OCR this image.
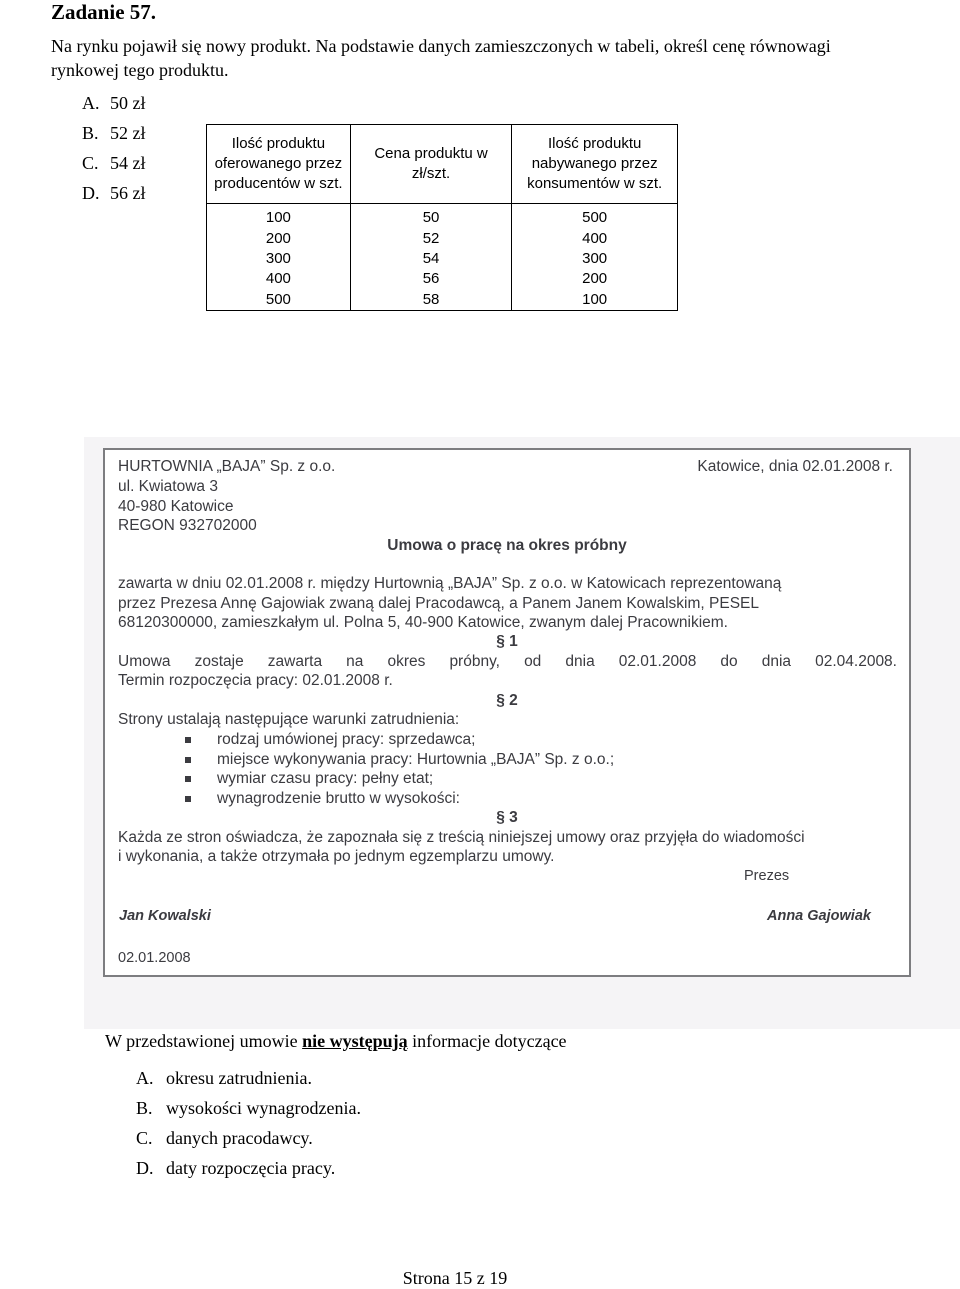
Zadanie 57.
Na rynku pojawił się nowy produkt. Na podstawie danych zamieszczonych w tabeli, określ cenę równowagi rynkowej tego produktu.
A. 50 zł
B. 52 zł
C. 54 zł
D. 56 zł
Ilość produktu oferowanego przez producentów w szt.	Cena produktu w zł/szt.	Ilość produktu nabywanego przez konsumentów w szt.
100	50	500
200	52	400
300	54	300
400	56	200
500	58	100
HURTOWNIA „BAJA” Sp. z o.o.
ul. Kwiatowa 3
40-980 Katowice
REGON 932702000
Katowice, dnia 02.01.2008 r.
Umowa o pracę na okres próbny
zawarta w dniu 02.01.2008 r. między Hurtownią „BAJA” Sp. z o.o. w Katowicach reprezentowaną
przez Prezesa Annę Gajowiak zwaną dalej Pracodawcą, a Panem Janem Kowalskim, PESEL
68120300000, zamieszkałym ul. Polna 5, 40-900 Katowice, zwanym dalej Pracownikiem.
§ 1
Umowa zostaje zawarta na okres próbny, od dnia 02.01.2008 do dnia 02.04.2008.
Termin rozpoczęcia pracy: 02.01.2008 r.
§ 2
Strony ustalają następujące warunki zatrudnienia:
rodzaj umówionej pracy: sprzedawca;
miejsce wykonywania pracy: Hurtownia „BAJA” Sp. z o.o.;
wymiar czasu pracy: pełny etat;
wynagrodzenie brutto w wysokości:
§ 3
Każda ze stron oświadcza, że zapoznała się z treścią niniejszej umowy oraz przyjęła do wiadomości
i wykonania, a także otrzymała po jednym egzemplarzu umowy.
Prezes
Jan Kowalski	Anna Gajowiak
02.01.2008
W przedstawionej umowie nie występują informacje dotyczące
A. okresu zatrudnienia.
B. wysokości wynagrodzenia.
C. danych pracodawcy.
D. daty rozpoczęcia pracy.
Strona 15 z 19
